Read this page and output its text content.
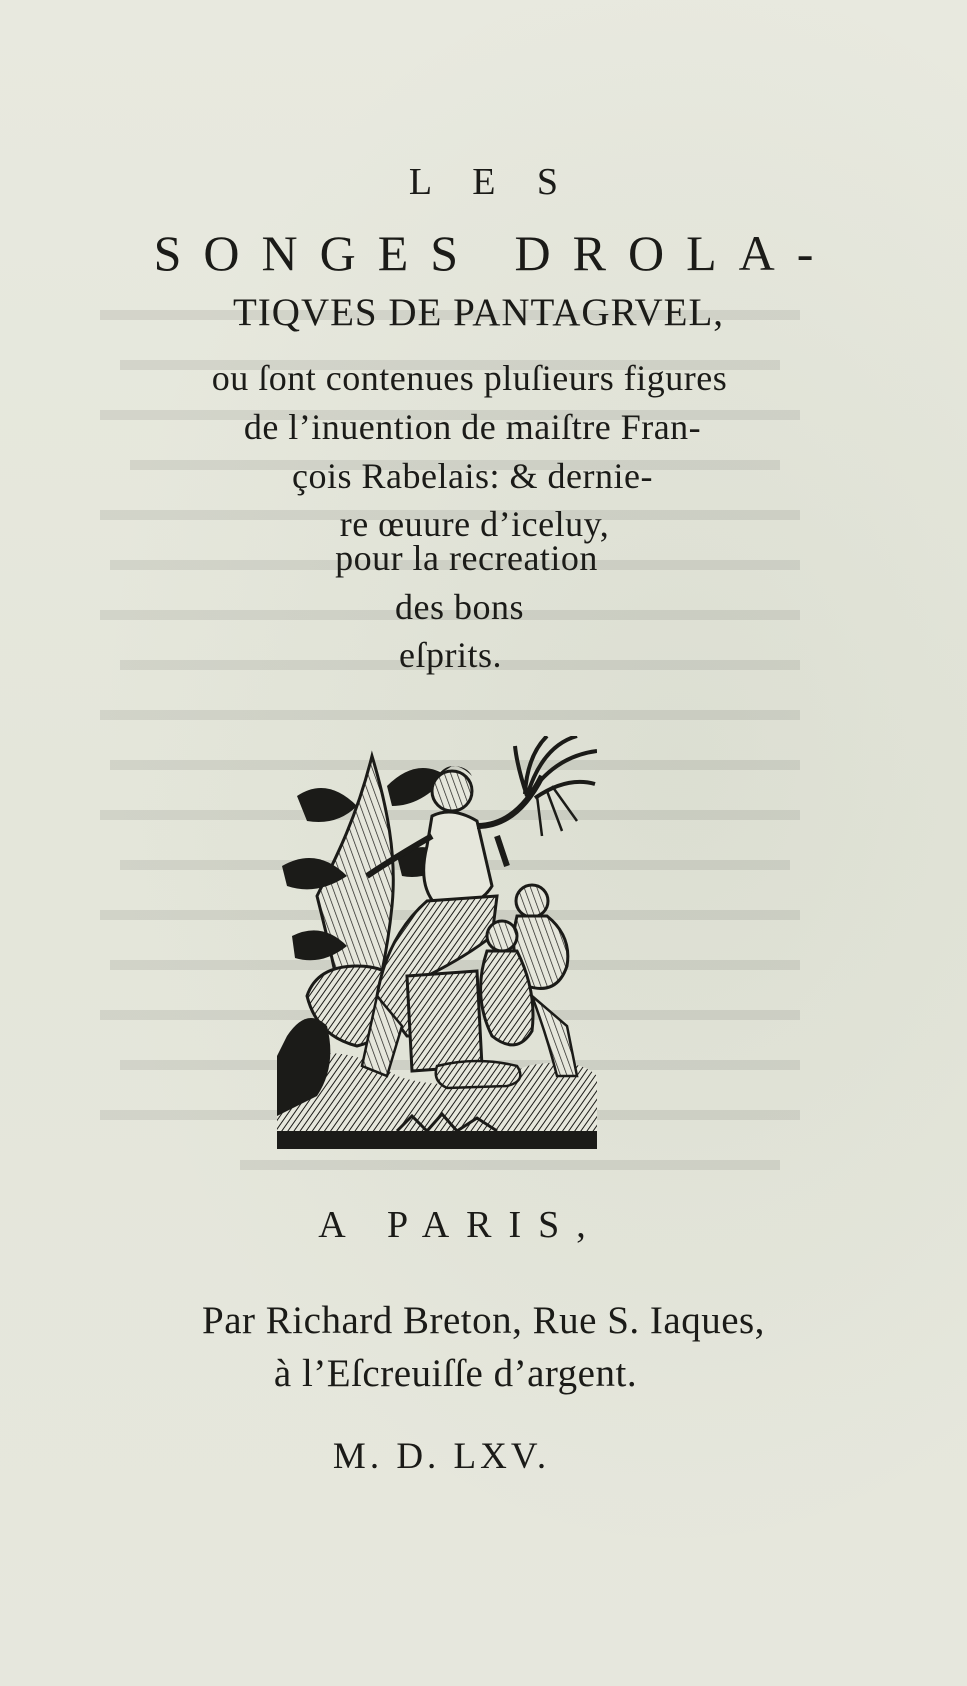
L E S

SONGES DROLA-

TIQVES DE PANTAGRVEL,

ou ſont contenues pluſieurs figures

de l’inuention de maiſtre Fran-

çois Rabelais: & dernie-

re œuure d’iceluy,

pour la recreation

des bons

eſprits.

A PARIS,

Par Richard Breton, Rue S. Iaques,

à l’Eſcreuiſſe d’argent.

M. D. LXV.
